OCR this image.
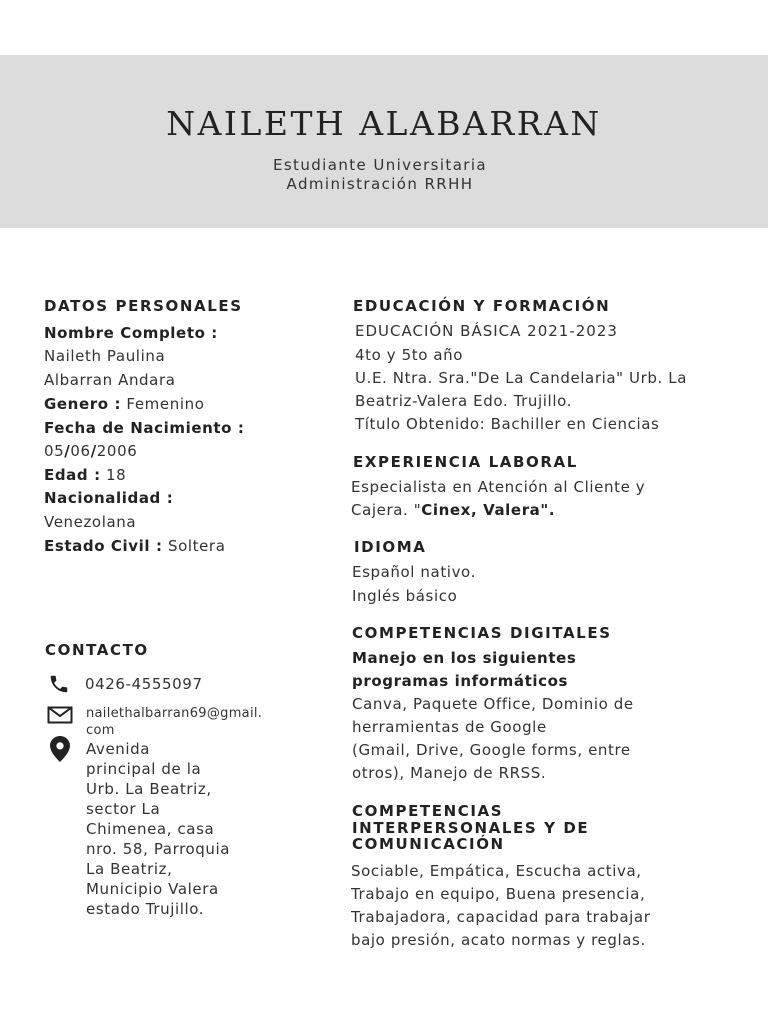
NAILETH ALABARRAN

Estudiante Universitaria

Administración RRHH

DATOS PERSONALES

Nombre Completo :

Naileth Paulina

Albarran Andara

Genero : Femenino

Fecha de Nacimiento :

05/06/2006

Edad : 18

Nacionalidad :

Venezolana

Estado Civil : Soltera

CONTACTO

0426-4555097

nailethalbarran69@gmail.

com

Avenida

principal de la

Urb. La Beatriz,

sector La

Chimenea, casa

nro. 58, Parroquia

La Beatriz,

Municipio Valera

estado Trujillo.

EDUCACIÓN Y FORMACIÓN

EDUCACIÓN BÁSICA 2021-2023

4to y 5to año

U.E. Ntra. Sra."De La Candelaria" Urb. La

Beatriz-Valera Edo. Trujillo.

Título Obtenido: Bachiller en Ciencias

EXPERIENCIA LABORAL

Especialista en Atención al Cliente y

Cajera. "Cinex, Valera".

IDIOMA

Español nativo.

Inglés básico

COMPETENCIAS DIGITALES

Manejo en los siguientes

programas informáticos

Canva, Paquete Office, Dominio de

herramientas de Google

(Gmail, Drive, Google forms, entre

otros), Manejo de RRSS.

COMPETENCIAS
INTERPERSONALES Y DE
COMUNICACIÓN

Sociable, Empática, Escucha activa,

Trabajo en equipo, Buena presencia,

Trabajadora, capacidad para trabajar

bajo presión, acato normas y reglas.
